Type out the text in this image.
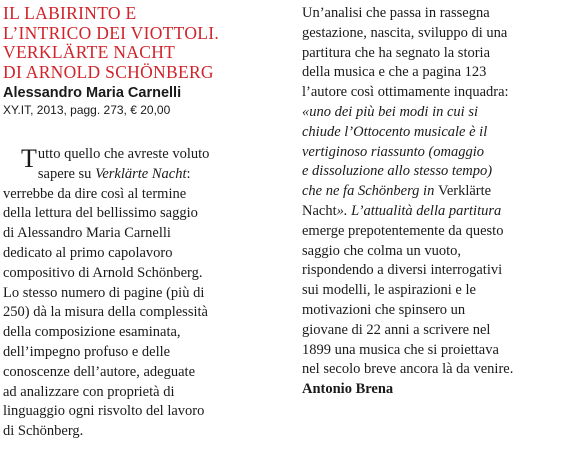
IL LABIRINTO E
L’INTRICO DEI VIOTTOLI.
VERKLÄRTE NACHT
DI ARNOLD SCHÖNBERG
Alessandro Maria Carnelli
XY.IT, 2013, pagg. 273, € 20,00
Tutto quello che avreste voluto
sapere su Verklärte Nacht:
verrebbe da dire così al termine
della lettura del bellissimo saggio
di Alessandro Maria Carnelli
dedicato al primo capolavoro
compositivo di Arnold Schönberg.
Lo stesso numero di pagine (più di
250) dà la misura della complessità
della composizione esaminata,
dell’impegno profuso e delle
conoscenze dell’autore, adeguate
ad analizzare con proprietà di
linguaggio ogni risvolto del lavoro
di Schönberg.
Un’analisi che passa in rassegna
gestazione, nascita, sviluppo di una
partitura che ha segnato la storia
della musica e che a pagina 123
l’autore così ottimamente inquadra:
«uno dei più bei modi in cui si
chiude l’Ottocento musicale è il
vertiginoso riassunto (omaggio
e dissoluzione allo stesso tempo)
che ne fa Schönberg in Verklärte
Nacht». L’attualità della partitura
emerge prepotentemente da questo
saggio che colma un vuoto,
rispondendo a diversi interrogativi
sui modelli, le aspirazioni e le
motivazioni che spinsero un
giovane di 22 anni a scrivere nel
1899 una musica che si proiettava
nel secolo breve ancora là da venire.
Antonio Brena
